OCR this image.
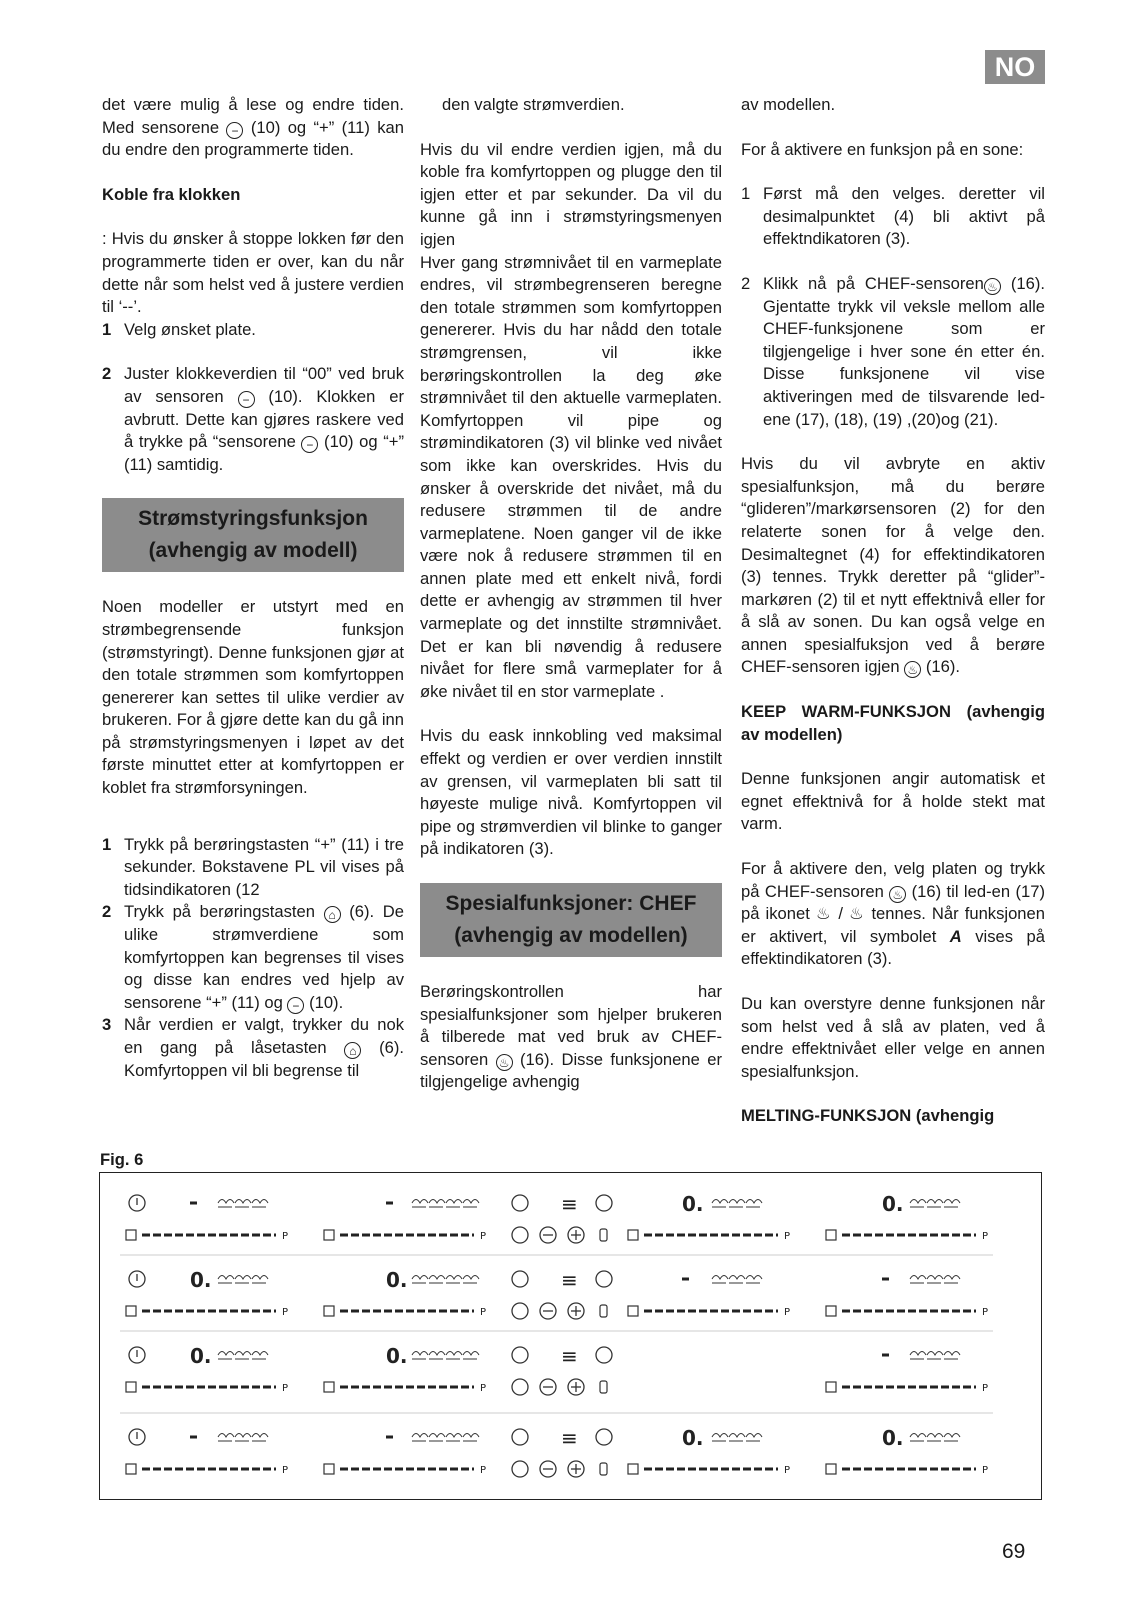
NO

det være mulig å lese og endre tiden. Med sensorene − (10) og “+” (11) kan du endre den programmerte tiden.

Koble fra klokken

: Hvis du ønsker å stoppe lokken før den programmerte tiden er over, kan du når dette når som helst ved å justere verdien til ‘--’.

1 Velg ønsket plate.
2 Juster klokkeverdien til “00” ved bruk av sensoren − (10). Klokken er avbrutt. Dette kan gjøres raskere ved å trykke på “sensorene − (10) og “+” (11) samtidig.
Strømstyringsfunksjon (avhengig av modell)

Noen modeller er utstyrt med en strømbegrensende funksjon (strømstyringt). Denne funksjonen gjør at den totale strømmen som komfyrtoppen genererer kan settes til ulike verdier av brukeren. For å gjøre dette kan du gå inn på strømstyringsmenyen i løpet av det første minuttet etter at komfyrtoppen er koblet fra strømforsyningen.

1 Trykk på berøringstasten “+” (11) i tre sekunder. Bokstavene PL vil vises på tidsindikatoren (12
2 Trykk på berøringstasten ⌂ (6). De ulike strømverdiene som komfyrtoppen kan begrenses til vises og disse kan endres ved hjelp av sensorene “+” (11) og − (10).
3 Når verdien er valgt, trykker du nok en gang på låsetasten ⌂ (6). Komfyrtoppen vil bli begrense til

den valgte strømverdien.

Hvis du vil endre verdien igjen, må du koble fra komfyrtoppen og plugge den til igjen etter et par sekunder. Da vil du kunne gå inn i strømstyringsmenyen igjen

Hver gang strømnivået til en varmeplate endres, vil strømbegrenseren beregne den totale strømmen som komfyrtoppen genererer. Hvis du har nådd den totale strømgrensen, vil ikke berøringskontrollen la deg øke strømnivået til den aktuelle varmeplaten. Komfyrtoppen vil pipe og strømindikatoren (3) vil blinke ved nivået som ikke kan overskrides. Hvis du ønsker å overskride det nivået, må du redusere strømmen til de andre varmeplatene. Noen ganger vil de ikke være nok å redusere strømmen til en annen plate med ett enkelt nivå, fordi dette er avhengig av strømmen til hver varmeplate og det innstilte strømnivået. Det er kan bli nøvendig å redusere nivået for flere små varmeplater for å øke nivået til en stor varmeplate .

Hvis du eask innkobling ved maksimal effekt og verdien er over verdien innstilt av grensen, vil varmeplaten bli satt til høyeste mulige nivå. Komfyrtoppen vil pipe og strømverdien vil blinke to ganger på indikatoren (3).

Spesialfunksjoner: CHEF (avhengig av modellen)

Berøringskontrollen har spesialfunksjoner som hjelper brukeren å tilberede mat ved bruk av CHEF-sensoren ♨ (16). Disse funksjonene er tilgjengelige avhengig

av modellen.

For å aktivere en funksjon på en sone:

1 Først må den velges. deretter vil desimalpunktet (4) bli aktivt på effektndikatoren (3).
2 Klikk nå på CHEF-sensoren ♨ (16). Gjentatte trykk vil veksle mellom alle CHEF-funksjonene som er tilgjengelige i hver sone én etter én. Disse funksjonene vil vise aktiveringen med de tilsvarende led-ene (17), (18), (19) ,(20)og (21).

Hvis du vil avbryte en aktiv spesialfunksjon, må du berøre “glideren”/markørsensoren (2) for den relaterte sonen for å velge den. Desimaltegnet (4) for effektindikatoren (3) tennes. Trykk deretter på “glider”-markøren (2) til et nytt effektnivå eller for å slå av sonen. Du kan også velge en annen spesialfuksjon ved å berøre CHEF-sensoren igjen ♨ (16).

KEEP WARM-FUNKSJON (avhengig av modellen)

Denne funksjonen angir automatisk et egnet effektnivå for å holde stekt mat varm.

For å aktivere den, velg platen og trykk på CHEF-sensoren ♨ (16) til led-en (17) på ikonet ♨ / ♨ tennes. Når funksjonen er aktivert, vil symbolet A vises på effektindikatoren (3).

Du kan overstyre denne funksjonen når som helst ved å slå av platen, ved å endre effektnivået eller velge en annen spesialfunksjon.

MELTING-FUNKSJON (avhengig

Fig. 6
P	P
≡	0.
P
0.
P
0.
P
0.
P
≡
P	P
0.
P
0.
P
≡
P
P	P
≡	0.
P
0.
P
69
